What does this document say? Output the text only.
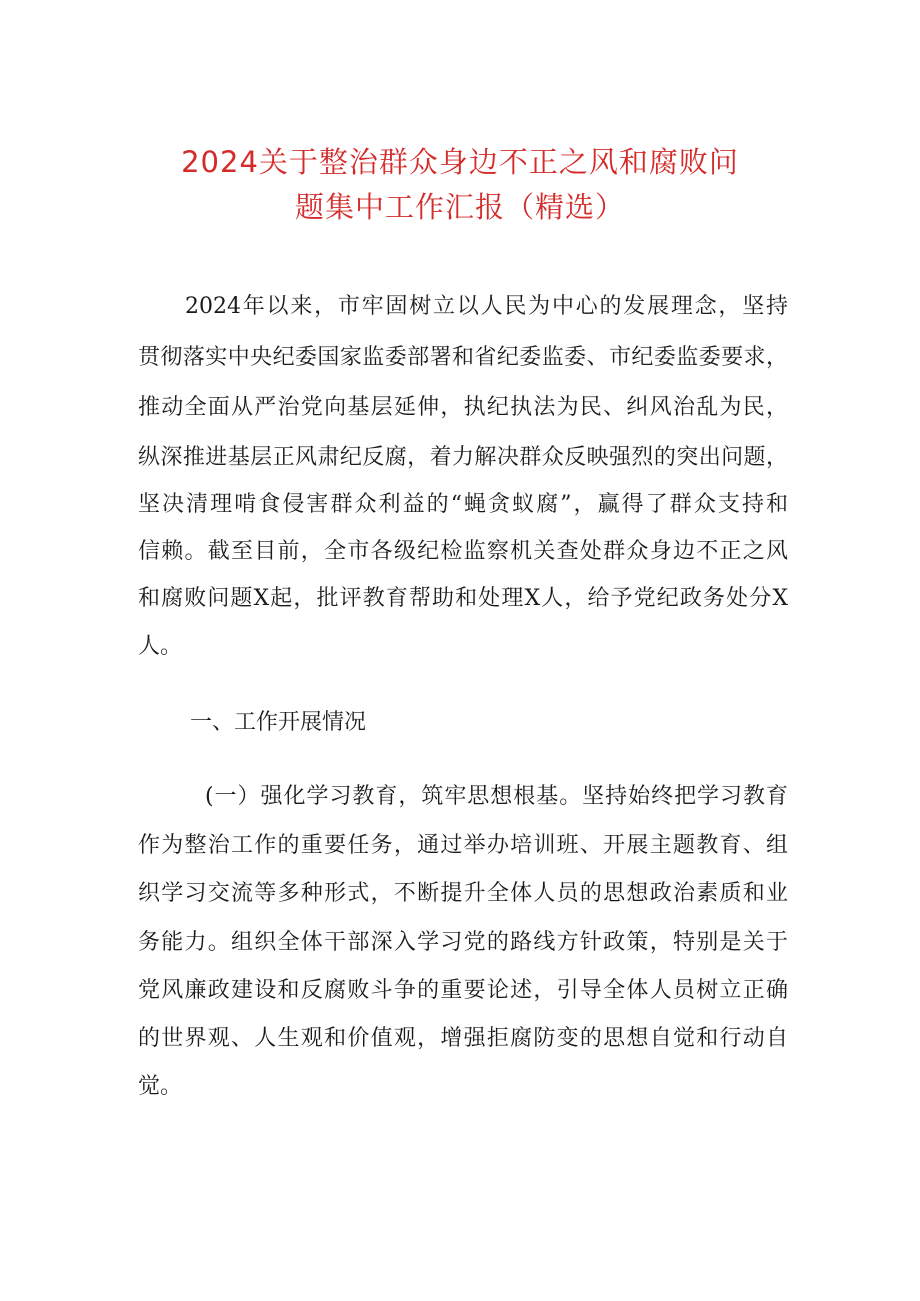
2024关于整治群众身边不正之风和腐败问
题集中工作汇报（精选）
2024年以来，市牢固树立以人民为中心的发展理念，坚持
贯彻落实中央纪委国家监委部署和省纪委监委、市纪委监委要求，
推动全面从严治党向基层延伸，执纪执法为民、纠风治乱为民，
纵深推进基层正风肃纪反腐，着力解决群众反映强烈的突出问题，
坚决清理啃食侵害群众利益的“蝇贪蚁腐”，赢得了群众支持和
信赖。截至目前，全市各级纪检监察机关查处群众身边不正之风
和腐败问题X起，批评教育帮助和处理X人，给予党纪政务处分X
人。
一、工作开展情况
(一）强化学习教育，筑牢思想根基。坚持始终把学习教育
作为整治工作的重要任务，通过举办培训班、开展主题教育、组
织学习交流等多种形式，不断提升全体人员的思想政治素质和业
务能力。组织全体干部深入学习党的路线方针政策，特别是关于
党风廉政建设和反腐败斗争的重要论述，引导全体人员树立正确
的世界观、人生观和价值观，增强拒腐防变的思想自觉和行动自
觉。
